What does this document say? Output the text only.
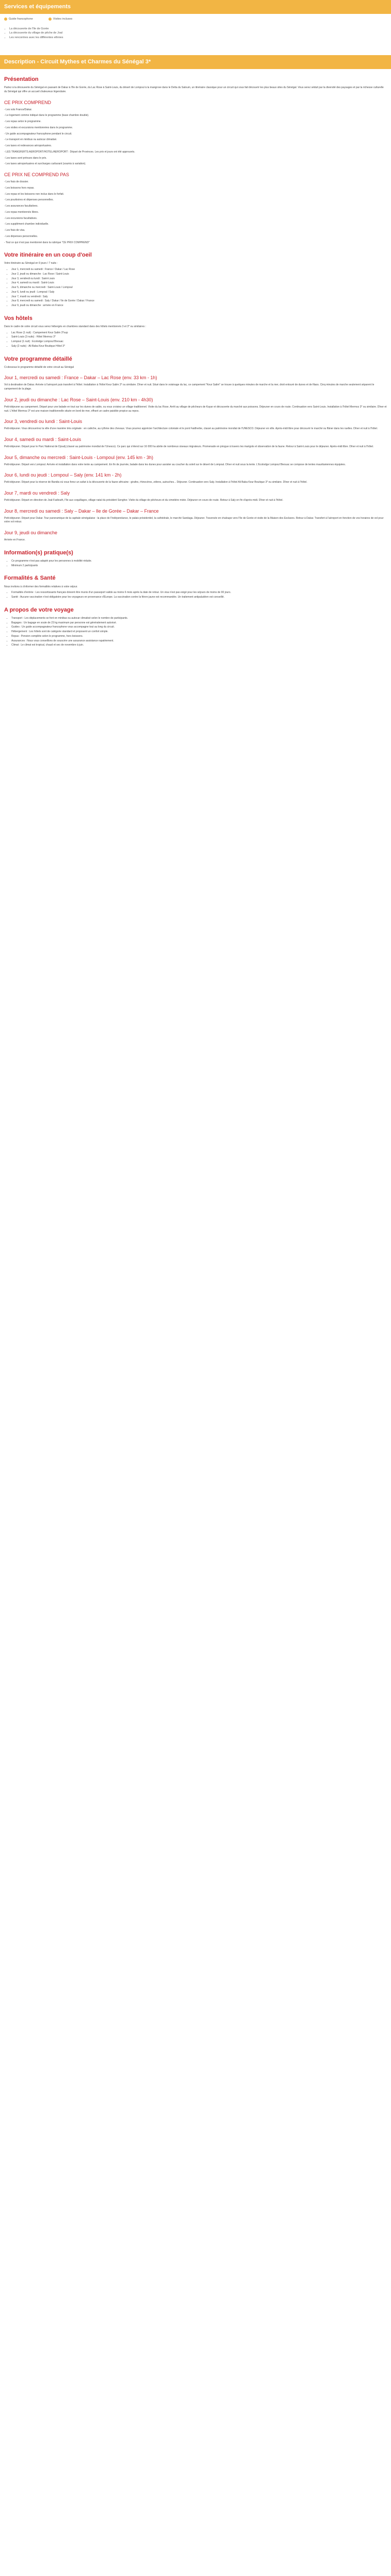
Services et équipements
Guide francophone	Visites incluses
• La découverte de l'île de Gorée
• La découverte du village de pêche de Joal
• Les rencontres avec les différentes ethnies
Description - Circuit Mythes et Charmes du Sénégal 3*
Présentation

Partez à la découverte du Sénégal en passant de Dakar à l'île de Gorée, du Lac Rose à Saint-Louis, du désert de Lompoul à la mangrove dans le Delta du Saloum, un itinéraire classique pour un circuit qui vous fait découvrir les plus beaux sites du Sénégal. Vous serez séduit par la diversité des paysages et par la richesse culturelle du Sénégal qui offre un accueil chaleureux légendaire.

CE PRIX COMPREND

- Les vols France/Dakar.

- Le logement comme indiqué dans le programme (base chambre double).

- Les repas selon le programme.

- Les visites et excursions mentionnées dans le programme.

- Un guide accompagnateur francophone pendant le circuit.

- Le transport en minibus ou autocar climatisé.

- Les taxes et redevances aéroportuaires.

- LES TRANSFERTS AEROPORT/HOTEL/AEROPORT : Départ de Provinces. Les prix et jours ont été approuvés.

- Les taxes sont prévues dans le prix.

- Les taxes aéroportuaires et surcharges carburant (soumis à variation).

CE PRIX NE COMPREND PAS

- Les frais de dossier.

- Les boissons hors repas.

- Les repas et les boissons non inclus dans le forfait.

- Les pourboires et dépenses personnelles.

- Les assurances facultatives.

- Les repas mentionnés libres.

- Les excursions facultatives.

- Les supplément chambre individuelle.

- Les frais de visa.

- Les dépenses personnelles.

- Tout ce qui n'est pas mentionné dans la rubrique "CE PRIX COMPREND"

Votre itinéraire en un coup d'oeil

Votre itinéraire au Sénégal en 9 jours / 7 nuits :

• Jour 1, mercredi ou samedi : France / Dakar / Lac Rose
• Jour 2, jeudi ou dimanche : Lac Rose / Saint-Louis
• Jour 3, vendredi ou lundi : Saint-Louis
• Jour 4, samedi ou mardi : Saint-Louis
• Jour 5, dimanche ou mercredi : Saint-Louis / Lompoul
• Jour 6, lundi ou jeudi : Lompoul / Saly
• Jour 7, mardi ou vendredi : Saly
• Jour 8, mercredi ou samedi : Saly / Dakar / Ile de Gorée / Dakar / France
• Jour 9, jeudi ou dimanche : arrivée en France
Vos hôtels

Dans le cadre de votre circuit vous serez hébergés en chambres standard dans des hôtels mentionnés 3 et 3* ou similaires :

• Lac Rose (1 nuit) : Campement Keur Salim 3*sup
• Saint-Louis (3 nuits) : Hôtel Mermoz 3*
• Lompoul (1 nuit) : Ecolodge Lompoul Bivouac
• Saly (2 nuits) : Ali Baba Keur Boutique Hôtel 3*
Votre programme détaillé

Ci-dessous le programme détaillé de votre circuit au Sénégal

Jour 1, mercredi ou samedi : France – Dakar – Lac Rose (env. 33 km - 1h)

Vol à destination de Dakar. Arrivée à l'aéroport puis transfert à l'hôtel. Installation à l'hôtel Keur Salim 3* ou similaire. Dîner et nuit. Situé dans le voisinage du lac, ce campement "Keur Salim" se trouve à quelques minutes de marche et la mer, droit entouré de dunes et de filaos. Cinq minutes de marche seulement séparent le campement de la plage.

Jour 2, jeudi ou dimanche : Lac Rose – Saint-Louis (env. 210 km - 4h30)

Petit-déjeuner au campement. Départ pour une balade en tout sur les dunes de sable, ou vous croisiez un village traditionnel. Visite du lac Rose. Arrêt au village de pêcheurs de Kayar et découverte du marché aux poissons. Déjeuner en cours de route. Continuation vers Saint-Louis. Installation à l'hôtel Mermoz 3* ou similaire. Dîner et nuit. L'hôtel Mermoz 3* est une maison traditionnelle située en bord de mer, offrant un cadre paisible propice au repos.

Jour 3, vendredi ou lundi : Saint-Louis

Petit-déjeuner. Vous découvrirez la ville d'une manière très originale : en calèche, au rythme des chevaux. Vous pourrez apprécier l'architecture coloniale et le pont Faidherbe, classé au patrimoine mondial de l'UNESCO. Déjeuner en ville. Après-midi libre pour découvrir le marché ou flâner dans les ruelles. Dîner et nuit à l'hôtel.

Jour 4, samedi ou mardi : Saint-Louis

Petit-déjeuner. Départ pour le Parc National de Djoudj (classé au patrimoine mondial de l'Unesco). Ce parc qui s'étend sur 16 000 ha abrite de nombreux oiseaux migrateurs. Promenade en pirogue à travers les marigots et observation de la faune. Retour à Saint-Louis pour le déjeuner. Après-midi libre. Dîner et nuit à l'hôtel.

Jour 5, dimanche ou mercredi : Saint-Louis - Lompoul (env. 145 km - 3h)

Petit-déjeuner. Départ vers Lompoul. Arrivée et installation dans votre tente au campement. En fin de journée, balade dans les dunes pour assister au coucher du soleil sur le désert de Lompoul. Dîner et nuit sous la tente. L'Ecolodge Lompoul Bivouac se compose de tentes mauritaniennes équipées.

Jour 6, lundi ou jeudi : Lompoul – Saly (env. 141 km - 2h)

Petit-déjeuner. Départ pour la réserve de Bandia où vous ferez un safari à la découverte de la faune africaine : girafes, rhinocéros, zèbres, autruches... Déjeuner. Continuation vers Saly. Installation à l'hôtel Ali Baba Keur Boutique 3* ou similaire. Dîner et nuit à l'hôtel.

Jour 7, mardi ou vendredi : Saly

Petit-déjeuner. Départ en direction de Joal-Fadiouth, l'île aux coquillages, village natal du président Senghor. Visite du village de pêcheurs et du cimetière mixte. Déjeuner en cours de route. Retour à Saly en fin d'après-midi. Dîner et nuit à l'hôtel.

Jour 8, mercredi ou samedi : Saly – Dakar – Ile de Gorée – Dakar – France

Petit-déjeuner. Départ pour Dakar. Tour panoramique de la capitale sénégalaise : la place de l'Indépendance, le palais présidentiel, la cathédrale, le marché Sandaga. Déjeuner. Traversée en chaloupe vers l'île de Gorée et visite de la Maison des Esclaves. Retour à Dakar. Transfert à l'aéroport en fonction de vos horaires de vol pour votre vol retour.

Jour 9, jeudi ou dimanche

Arrivée en France.

Information(s) pratique(s)
• Ce programme n'est pas adapté pour les personnes à mobilité réduite.
• Minimum 2 participants
Formalités & Santé

Nous invitons à s'informer des formalités relatives à votre séjour.

• Formalités d'entrée : Les ressortissants français doivent être munis d'un passeport valide au moins 6 mois après la date de retour. Un visa n'est pas exigé pour les séjours de moins de 90 jours.
• Santé : Aucune vaccination n'est obligatoire pour les voyageurs en provenance d'Europe. La vaccination contre la fièvre jaune est recommandée. Un traitement antipaludéen est conseillé.
A propos de votre voyage
• Transport : Les déplacements se font en minibus ou autocar climatisé selon le nombre de participants.
• Bagages : Un bagage en soute de 23 kg maximum par personne est généralement autorisé.
• Guides : Un guide accompagnateur francophone vous accompagne tout au long du circuit.
• Hébergement : Les hôtels sont de catégorie standard et proposent un confort simple.
• Repas : Pension complète selon le programme, hors boissons.
• Assurances : Nous vous conseillons de souscrire une assurance assistance rapatriement.
• Climat : Le climat est tropical, chaud et sec de novembre à juin.
